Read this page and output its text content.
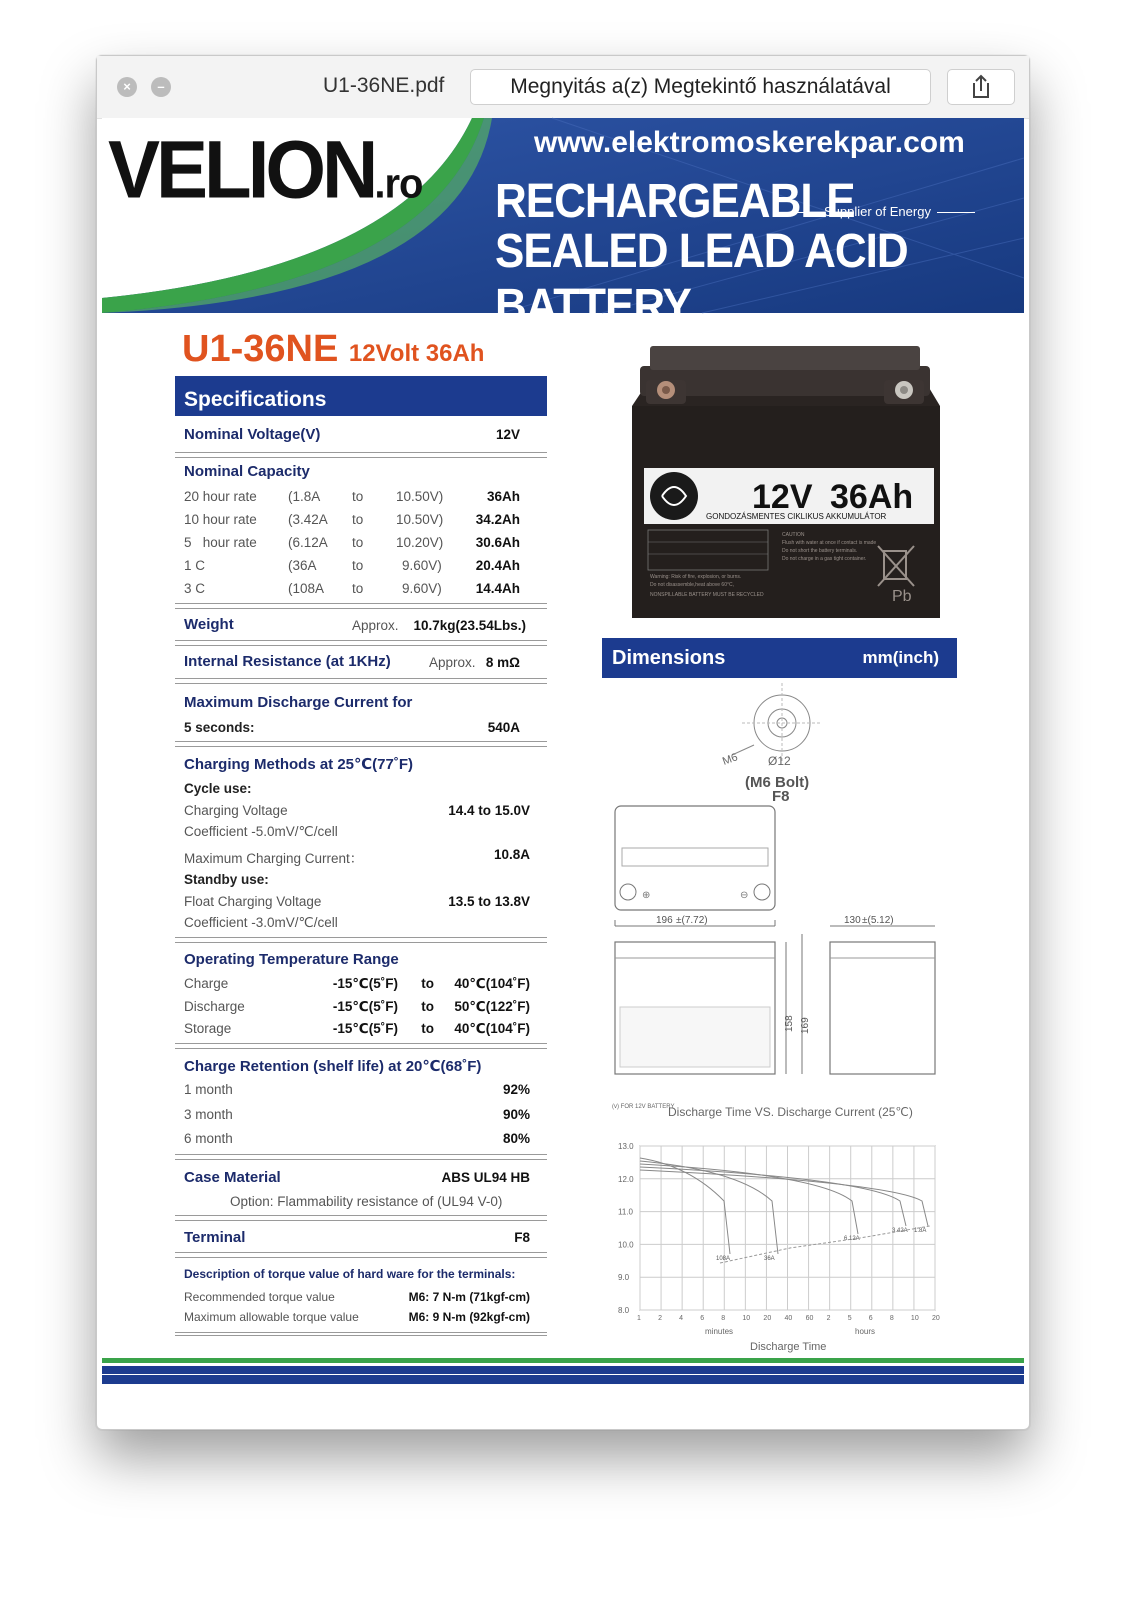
×	–	U1-36NE.pdf	Megnyitás a(z) Megtekintő használatával
VELION.ro
www.elektromoskerekpar.com
RECHARGEABLE
Supplier of Energy
SEALED LEAD ACID BATTERY
U1-36NE 12Volt 36Ah
Specifications
Nominal Voltage(V)	12V
Nominal Capacity
20 hour rate (1.8A to 10.50V)	36Ah
10 hour rate (3.42A to 10.50V)	34.2Ah
5   hour rate (6.12A to 10.20V)	30.6Ah
1 C	(36A	to	9.60V)	20.4Ah
3 C	(108A to	9.60V)	14.4Ah
Weight	Approx.	10.7kg(23.54Lbs.)
Internal Resistance (at 1KHz)	Approx. 8 mΩ
Maximum Discharge Current for
5 seconds:	540A
Charging Methods at 25℃(77˚F)
Cycle use:
Charging Voltage	14.4 to 15.0V
Coefficient -5.0mV/℃/cell
Maximum Charging Current：	10.8A
Standby use:
Float Charging Voltage	13.5 to 13.8V
Coefficient -3.0mV/℃/cell
Operating Temperature Range
Charge	-15℃(5˚F)	to	40℃(104˚F)
Discharge	-15℃(5˚F)	to	50℃(122˚F)
Storage	-15℃(5˚F)	to	40℃(104˚F)
Charge Retention (shelf life) at 20℃(68˚F)
1 month	92%
3 month	90%
6 month	80%
Case Material	ABS UL94 HB
Option: Flammability resistance of (UL94 V-0)
Terminal	F8
Description of torque value of hard ware for the terminals:
Recommended torque value	M6: 7 N-m (71kgf-cm)
Maximum allowable torque value	M6: 9 N-m (92kgf-cm)
12V 36Ah
GONDOZÁSMENTES CIKLIKUS AKKUMULÁTOR
Warning: Risk of fire, explosion, or burns.
Do not disassemble,heat above 60°C,
NONSPILLABLE BATTERY MUST BE RECYCLED
CAUTION
Flush with water at once if contact is made
Do not short the battery terminals.
Do not charge in a gas tight container.
Pb
Dimensions	mm(inch)
M6 Ø12
(M6 Bolt)
F8
⊕	⊖
196 ±(7.72)
158 169
130 ±(5.12)
Discharge Time VS. Discharge Current (25℃)
(v) FOR 12V BATTERY
13.0
12.0
11.0
10.0
9.0
8.0
1 2 4 6 8 10 20 40 60 2 5 6 8 10 20
minutes	hours
Discharge Time
108A	36A
6.12A
3.42A 1.8A
